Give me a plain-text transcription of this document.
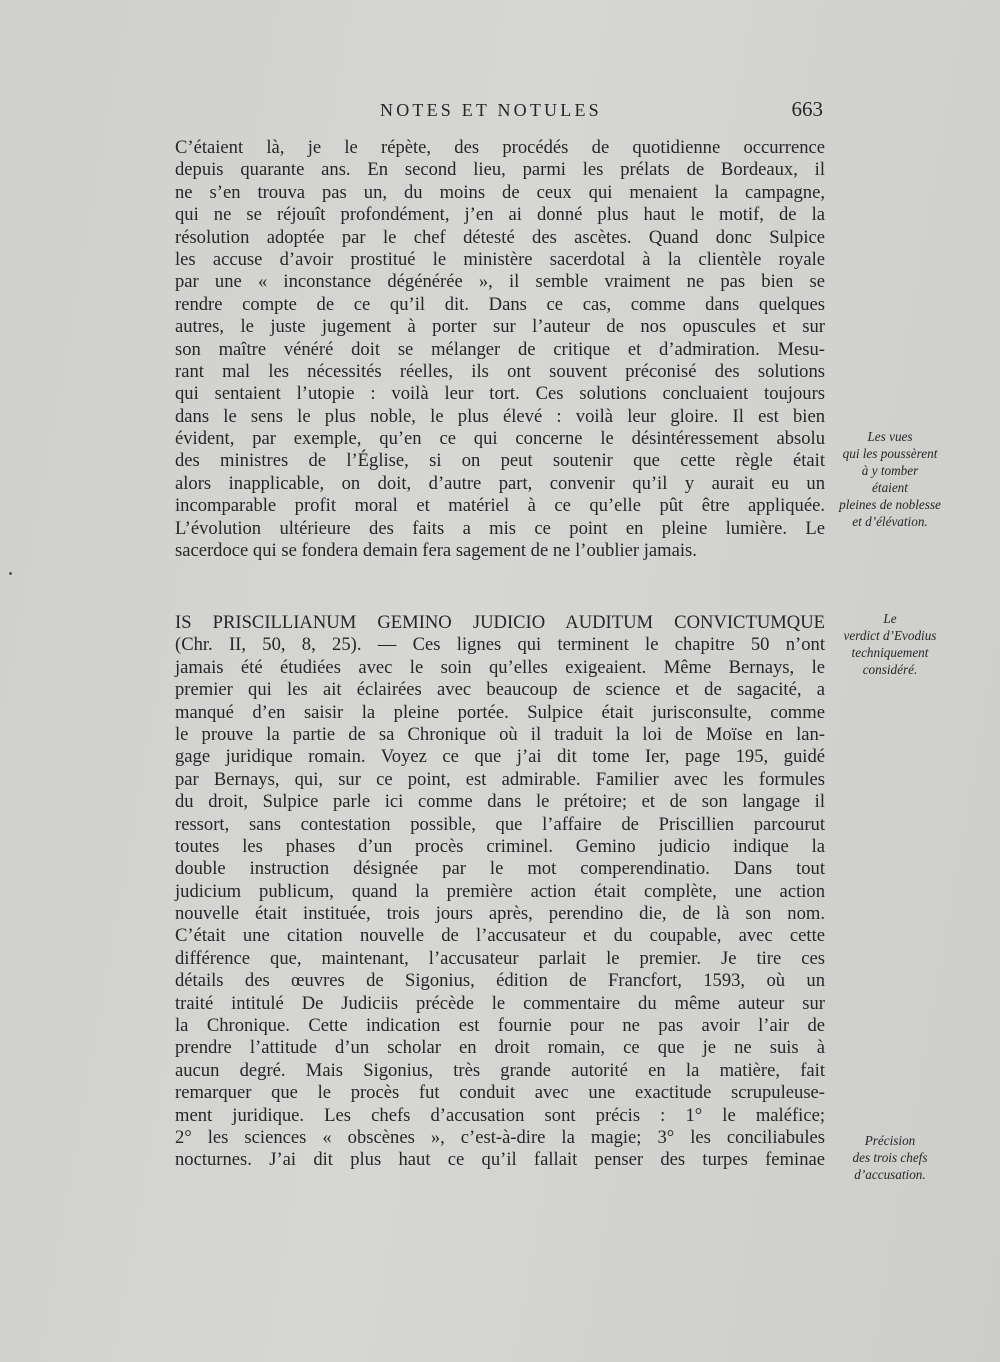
NOTES ET NOTULES	663
C’étaient là, je le répète, des procédés de quotidienne occurrence
depuis quarante ans. En second lieu, parmi les prélats de Bordeaux, il
ne s’en trouva pas un, du moins de ceux qui menaient la campagne,
qui ne se réjouît profondément, j’en ai donné plus haut le motif, de la
résolution adoptée par le chef détesté des ascètes. Quand donc Sulpice
les accuse d’avoir prostitué le ministère sacerdotal à la clientèle royale
par une « inconstance dégénérée », il semble vraiment ne pas bien se
rendre compte de ce qu’il dit. Dans ce cas, comme dans quelques
autres, le juste jugement à porter sur l’auteur de nos opuscules et sur
son maître vénéré doit se mélanger de critique et d’admiration. Mesu-
rant mal les nécessités réelles, ils ont souvent préconisé des solutions
qui sentaient l’utopie : voilà leur tort. Ces solutions concluaient toujours
dans le sens le plus noble, le plus élevé : voilà leur gloire. Il est bien
évident, par exemple, qu’en ce qui concerne le désintéressement absolu
des ministres de l’Église, si on peut soutenir que cette règle était
alors inapplicable, on doit, d’autre part, convenir qu’il y aurait eu un
incomparable profit moral et matériel à ce qu’elle pût être appliquée.
L’évolution ultérieure des faits a mis ce point en pleine lumière. Le
sacerdoce qui se fondera demain fera sagement de ne l’oublier jamais.
IS PRISCILLIANUM GEMINO JUDICIO AUDITUM CONVICTUMQUE
(Chr. II, 50, 8, 25). — Ces lignes qui terminent le chapitre 50 n’ont
jamais été étudiées avec le soin qu’elles exigeaient. Même Bernays, le
premier qui les ait éclairées avec beaucoup de science et de sagacité, a
manqué d’en saisir la pleine portée. Sulpice était jurisconsulte, comme
le prouve la partie de sa Chronique où il traduit la loi de Moïse en lan-
gage juridique romain. Voyez ce que j’ai dit tome Ier, page 195, guidé
par Bernays, qui, sur ce point, est admirable. Familier avec les formules
du droit, Sulpice parle ici comme dans le prétoire; et de son langage il
ressort, sans contestation possible, que l’affaire de Priscillien parcourut
toutes les phases d’un procès criminel. Gemino judicio indique la
double instruction désignée par le mot comperendinatio. Dans tout
judicium publicum, quand la première action était complète, une action
nouvelle était instituée, trois jours après, perendino die, de là son nom.
C’était une citation nouvelle de l’accusateur et du coupable, avec cette
différence que, maintenant, l’accusateur parlait le premier. Je tire ces
détails des œuvres de Sigonius, édition de Francfort, 1593, où un
traité intitulé De Judiciis précède le commentaire du même auteur sur
la Chronique. Cette indication est fournie pour ne pas avoir l’air de
prendre l’attitude d’un scholar en droit romain, ce que je ne suis à
aucun degré. Mais Sigonius, très grande autorité en la matière, fait
remarquer que le procès fut conduit avec une exactitude scrupuleuse-
ment juridique. Les chefs d’accusation sont précis : 1° le maléfice;
2° les sciences « obscènes », c’est-à-dire la magie; 3° les conciliabules
nocturnes. J’ai dit plus haut ce qu’il fallait penser des turpes feminae
Les vues
qui les poussèrent
à y tomber
étaient
pleines de noblesse
et d’élévation.
Le
verdict d’Evodius
techniquement
considéré.
Précision
des trois chefs
d’accusation.
